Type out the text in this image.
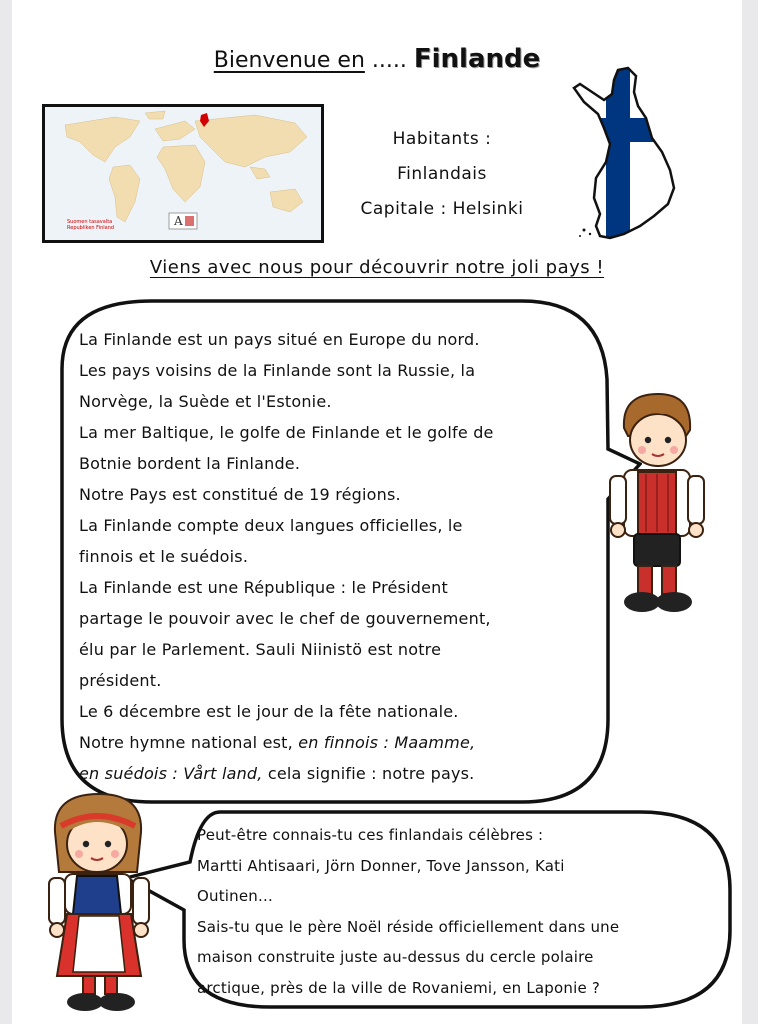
Bienvenue en ..... Finlande
A
Suomen tasavalta
Republiken Finland
Habitants :
Finlandais
Capitale : Helsinki
Viens avec nous pour découvrir notre joli pays !

La Finlande est un pays situé en Europe du nord.

Les pays voisins de la Finlande sont la Russie, la

Norvège, la Suède et l'Estonie.

La mer Baltique, le golfe de Finlande et le golfe de

Botnie bordent la Finlande.

Notre Pays est constitué de 19 régions.

La Finlande compte deux langues officielles, le

finnois et le suédois.

La Finlande est une République : le Président

partage le pouvoir avec le chef de gouvernement,

élu par le Parlement. Sauli Niinistö est notre

président.

Le 6 décembre est le jour de la fête nationale.

Notre hymne national est, en finnois : Maamme,

en suédois : Vårt land, cela signifie : notre pays.

Peut-être connais-tu ces finlandais célèbres :

Martti Ahtisaari, Jörn Donner, Tove Jansson, Kati

Outinen...

Sais-tu que le père Noël réside officiellement dans une

maison construite juste au-dessus du cercle polaire

arctique, près de la ville de Rovaniemi, en Laponie ?
